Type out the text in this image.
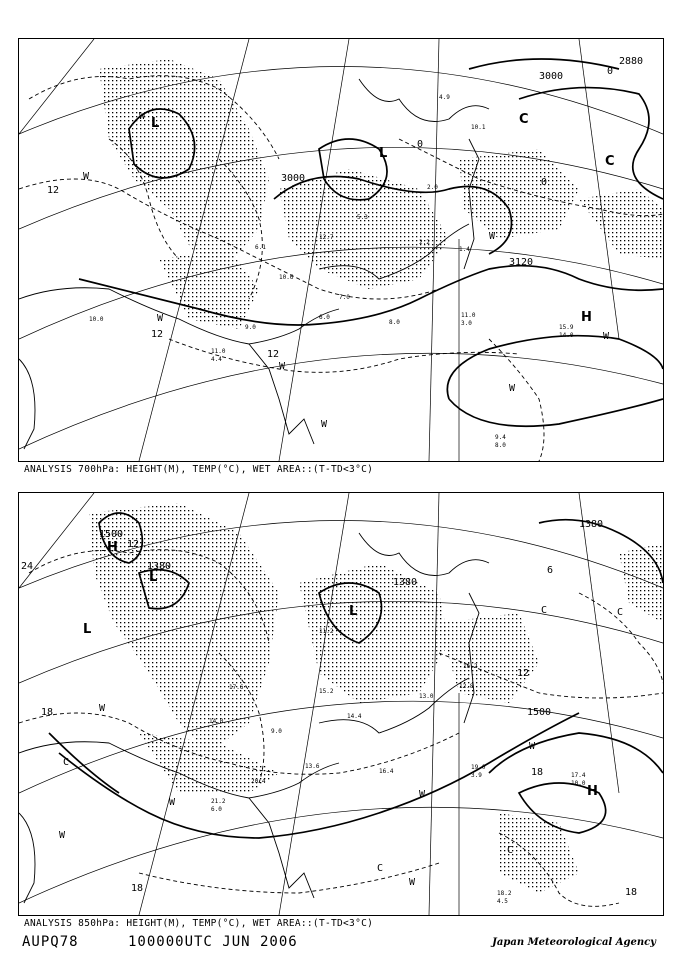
3000
3000
3120
2880
12
12
12
0
0
0
L
L
H
C
C
W
W
W
W
W
W
W
W
10.0
11.0
4.4
15.9
14.0
9.4
8.0
11.0
3.0
2.2
1.4
10.1
12.7
7.0
8.0
9.0
6.0
10.6
6.1
2.0
4.9
5.3
ANALYSIS 700hPa: HEIGHT(M), TEMP(°C), WET AREA::(T-TD<3°C)
1500
1380
1380
1500
1380
24
18
18
18
18
12
12
6
H
L
L
L
H
C	C
C
C
C
W
W
W
W
W
W
19.0
3.9	17.4
10.0
18.2
4.5
21.2
6.0
20.4
13.6
16.4
15.2
14.4
13.0
12.8
16.2
9.0
17.6
14.0
11.2
ANALYSIS 850hPa: HEIGHT(M), TEMP(°C), WET AREA::(T-TD<3°C)
AUPQ78	100000UTC JUN 2006	Japan Meteorological Agency
